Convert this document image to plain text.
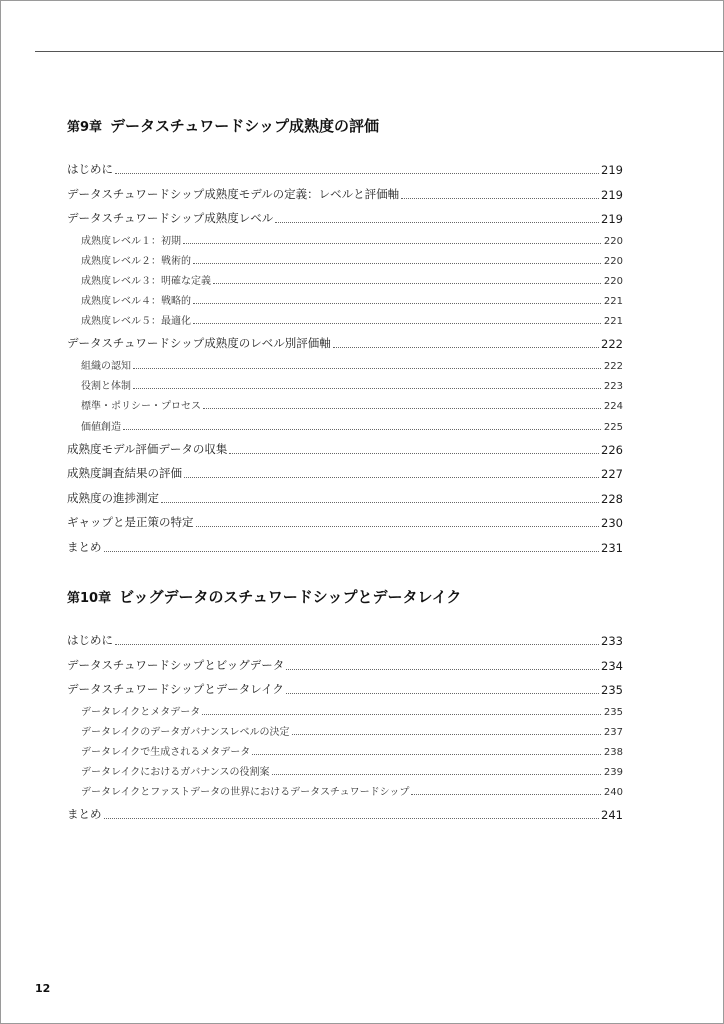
第9章 データスチュワードシップ成熟度の評価
はじめに	219
データスチュワードシップ成熟度モデルの定義：レベルと評価軸	219
データスチュワードシップ成熟度レベル	219
成熟度レベル１：初期	220
成熟度レベル２：戦術的	220
成熟度レベル３：明確な定義	220
成熟度レベル４：戦略的	221
成熟度レベル５：最適化	221
データスチュワードシップ成熟度のレベル別評価軸	222
組織の認知	222
役割と体制	223
標準・ポリシー・プロセス	224
価値創造	225
成熟度モデル評価データの収集	226
成熟度調査結果の評価	227
成熟度の進捗測定	228
ギャップと是正策の特定	230
まとめ	231
第10章 ビッグデータのスチュワードシップとデータレイク
はじめに	233
データスチュワードシップとビッグデータ	234
データスチュワードシップとデータレイク	235
データレイクとメタデータ	235
データレイクのデータガバナンスレベルの決定	237
データレイクで生成されるメタデータ	238
データレイクにおけるガバナンスの役割案	239
データレイクとファストデータの世界におけるデータスチュワードシップ	240
まとめ	241
12
